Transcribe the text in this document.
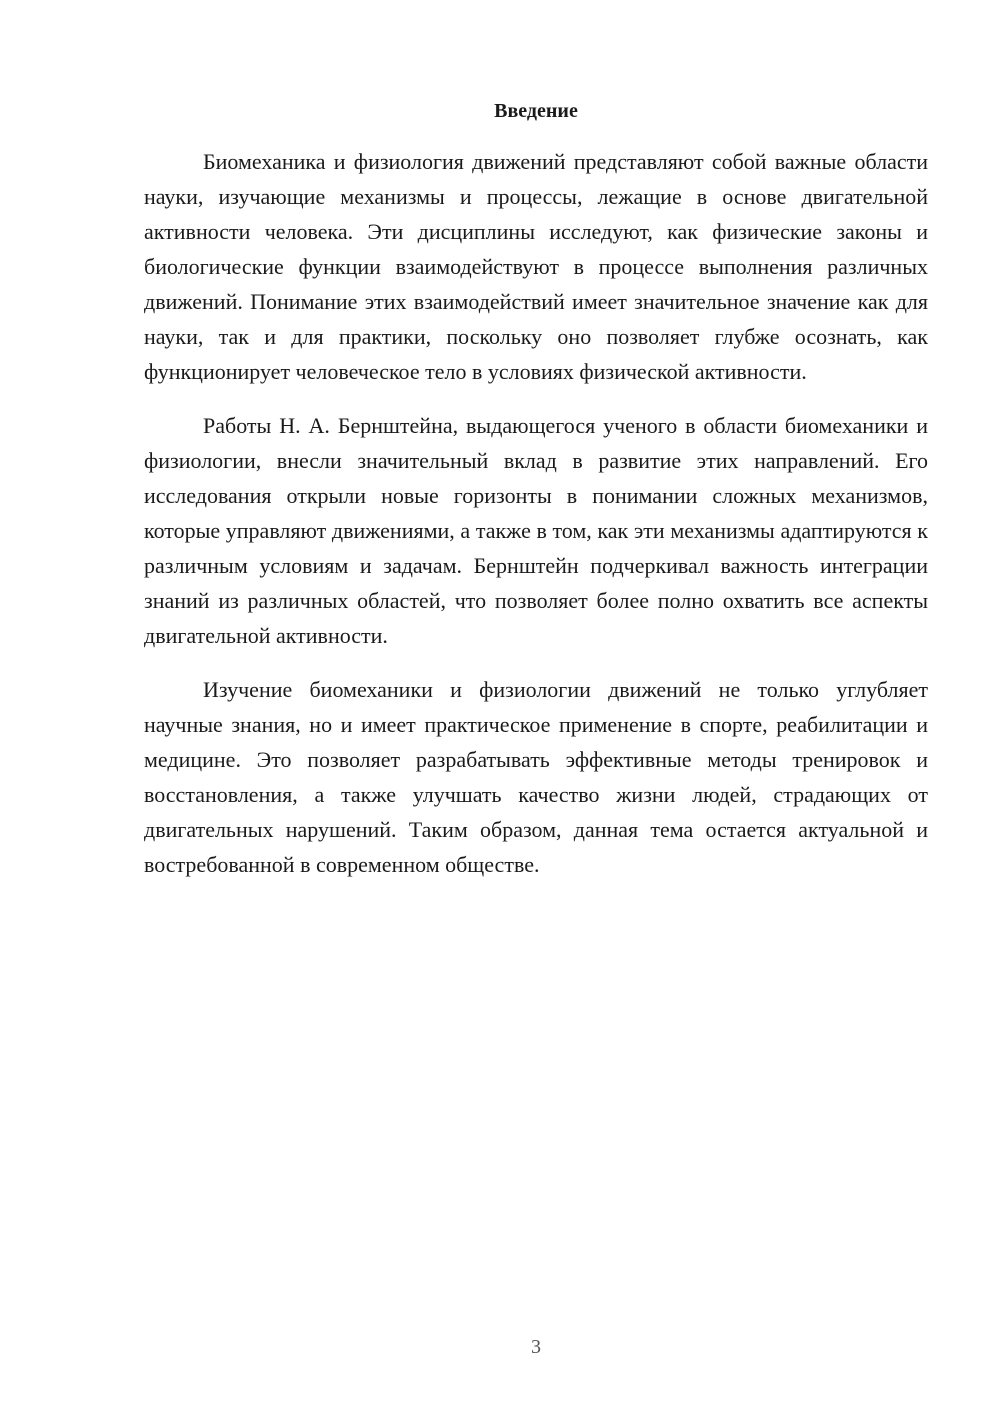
Введение

Биомеханика и физиология движений представляют собой важные области науки, изучающие механизмы и процессы, лежащие в основе двигательной активности человека. Эти дисциплины исследуют, как физические законы и биологические функции взаимодействуют в процессе выполнения различных движений. Понимание этих взаимодействий имеет значительное значение как для науки, так и для практики, поскольку оно позволяет глубже осознать, как функционирует человеческое тело в условиях физической активности.

Работы Н. А. Бернштейна, выдающегося ученого в области биомеханики и физиологии, внесли значительный вклад в развитие этих направлений. Его исследования открыли новые горизонты в понимании сложных механизмов, которые управляют движениями, а также в том, как эти механизмы адаптируются к различным условиям и задачам. Бернштейн подчеркивал важность интеграции знаний из различных областей, что позволяет более полно охватить все аспекты двигательной активности.

Изучение биомеханики и физиологии движений не только углубляет научные знания, но и имеет практическое применение в спорте, реабилитации и медицине. Это позволяет разрабатывать эффективные методы тренировок и восстановления, а также улучшать качество жизни людей, страдающих от двигательных нарушений. Таким образом, данная тема остается актуальной и востребованной в современном обществе.

3
